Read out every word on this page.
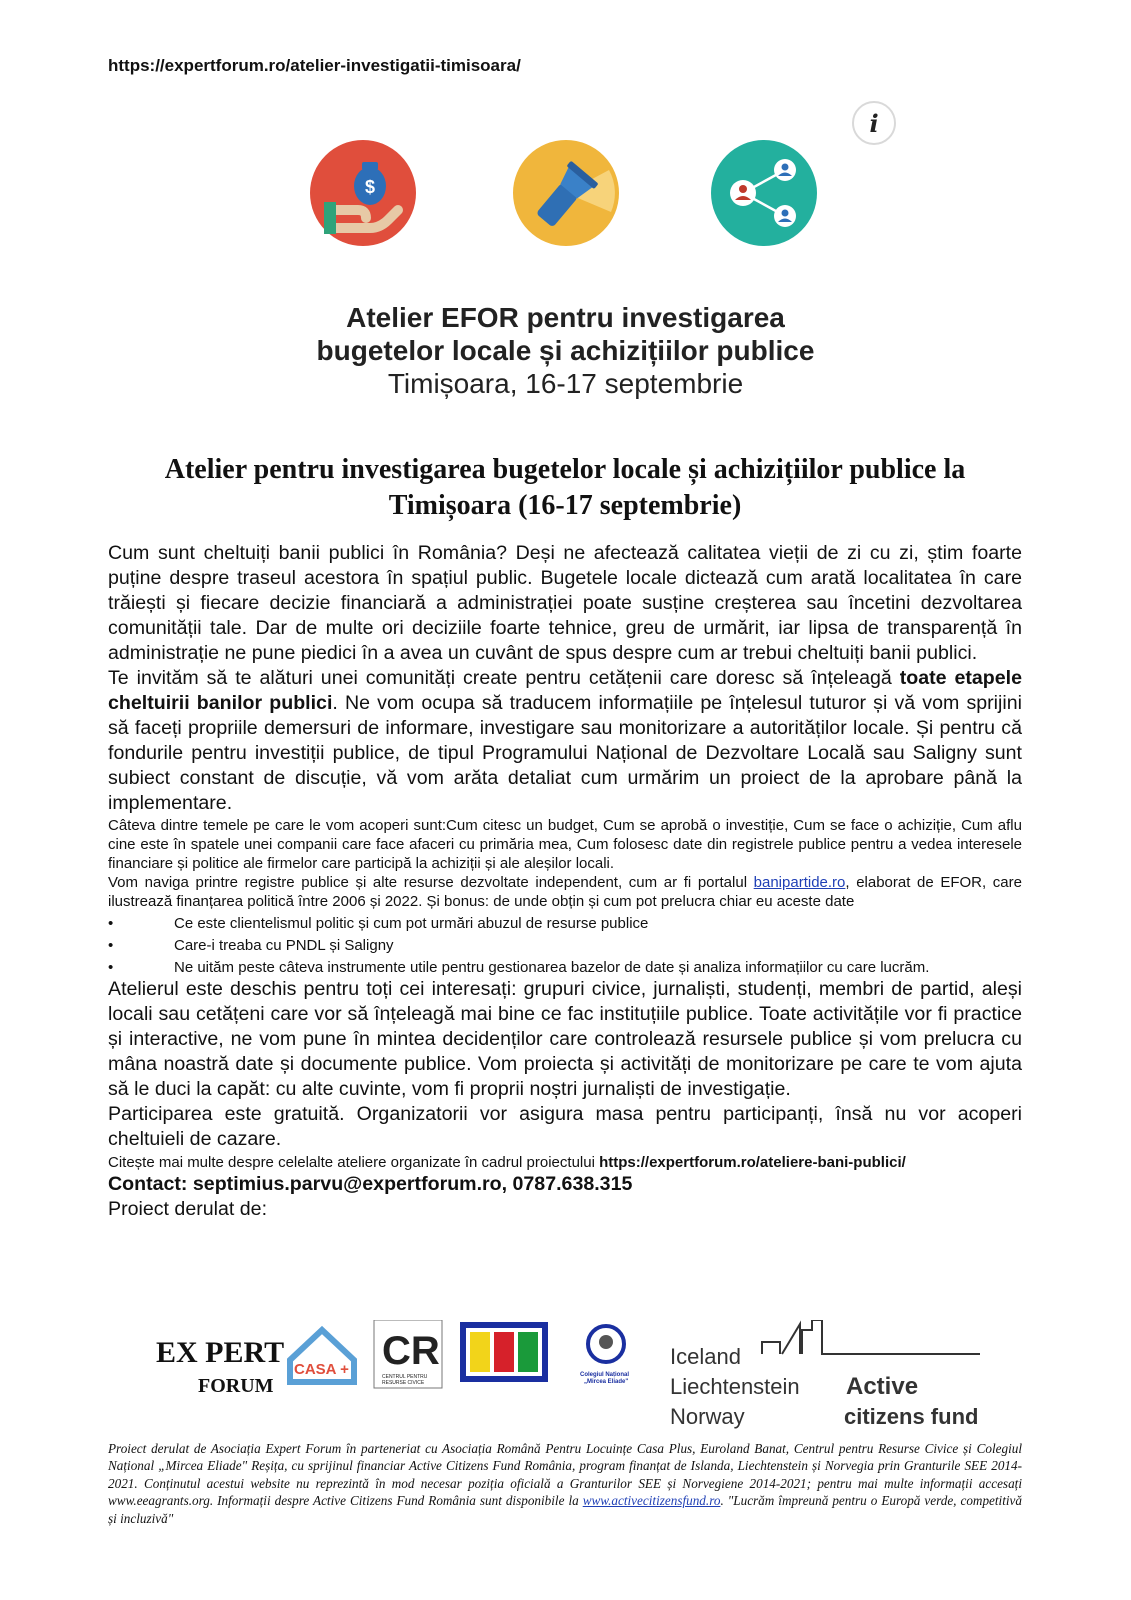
https://expertforum.ro/atelier-investigatii-timisoara/
i
$
Atelier EFOR pentru investigarea
bugetelor locale și achizițiilor publice
Timișoara, 16-17 septembrie
Atelier pentru investigarea bugetelor locale și achizițiilor publice la Timișoara (16-17 septembrie)

Cum sunt cheltuiți banii publici în România? Deși ne afectează calitatea vieții de zi cu zi, știm foarte puține despre traseul acestora în spațiul public. Bugetele locale dictează cum arată localitatea în care trăiești și fiecare decizie financiară a administrației poate susține creșterea sau încetini dezvoltarea comunității tale. Dar de multe ori deciziile foarte tehnice, greu de urmărit, iar lipsa de transparență în administrație ne pune piedici în a avea un cuvânt de spus despre cum ar trebui cheltuiți banii publici.

Te invităm să te alături unei comunități create pentru cetățenii care doresc să înțeleagă toate etapele cheltuirii banilor publici. Ne vom ocupa să traducem informațiile pe înțelesul tuturor și vă vom sprijini să faceți propriile demersuri de informare, investigare sau monitorizare a autorităților locale. Și pentru că fondurile pentru investiții publice, de tipul Programului Național de Dezvoltare Locală sau Saligny sunt subiect constant de discuție, vă vom arăta detaliat cum urmărim un proiect de la aprobare până la implementare.

Câteva dintre temele pe care le vom acoperi sunt:Cum citesc un budget, Cum se aprobă o investiție, Cum se face o achiziție, Cum aflu cine este în spatele unei companii care face afaceri cu primăria mea, Cum folosesc date din registrele publice pentru a vedea interesele financiare și politice ale firmelor care participă la achiziții și ale aleșilor locali.

Vom naviga printre registre publice și alte resurse dezvoltate independent, cum ar fi portalul banipartide.ro, elaborat de EFOR, care ilustrează finanțarea politică între 2006 și 2022. Și bonus: de unde obțin și cum pot prelucra chiar eu aceste date

•	Ce este clientelismul politic și cum pot urmări abuzul de resurse publice
•	Care-i treaba cu PNDL și Saligny
•	Ne uităm peste câteva instrumente utile pentru gestionarea bazelor de date și analiza informațiilor cu care lucrăm.

Atelierul este deschis pentru toți cei interesați: grupuri civice, jurnaliști, studenți, membri de partid, aleși locali sau cetățeni care vor să înțeleagă mai bine ce fac instituțiile publice. Toate activitățile vor fi practice și interactive, ne vom pune în mintea decidenților care controlează resursele publice și vom prelucra cu mâna noastră date și documente publice. Vom proiecta și activități de monitorizare pe care te vom ajuta să le duci la capăt: cu alte cuvinte, vom fi proprii noștri jurnaliști de investigație.

Participarea este gratuită. Organizatorii vor asigura masa pentru participanți, însă nu vor acoperi cheltuieli de cazare.

Citește mai multe despre celelalte ateliere organizate în cadrul proiectului https://expertforum.ro/ateliere-bani-publici/

Contact: septimius.parvu@expertforum.ro, 0787.638.315

Proiect derulat de:

EX PERT
FORUM
CASA + CR
CENTRUL PENTRU
RESURSE CIVICE
Colegiul Național
„Mircea Eliade"
Iceland
Liechtenstein
Norway
Active
citizens fund
Proiect derulat de Asociația Expert Forum în parteneriat cu Asociația Română Pentru Locuințe Casa Plus, Euroland Banat, Centrul pentru Resurse Civice și Colegiul Național „Mircea Eliade" Reșița, cu sprijinul financiar Active Citizens Fund România, program finanțat de Islanda, Liechtenstein și Norvegia prin Granturile SEE 2014-2021. Conținutul acestui website nu reprezintă în mod necesar poziția oficială a Granturilor SEE și Norvegiene 2014-2021; pentru mai multe informații accesați www.eeagrants.org. Informații despre Active Citizens Fund România sunt disponibile la www.activecitizensfund.ro. "Lucrăm împreună pentru o Europă verde, competitivă și incluzivă"
